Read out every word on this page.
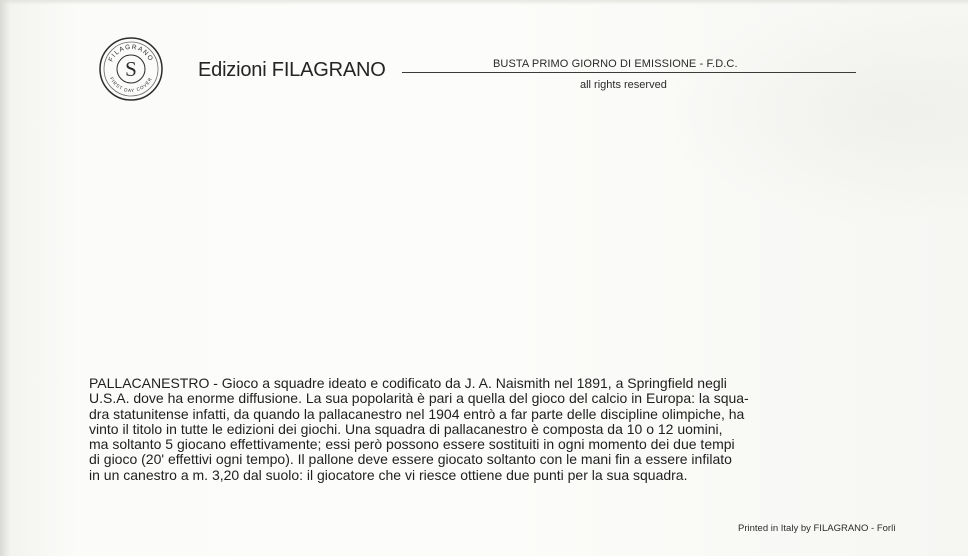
FILAGRANO
FIRST DAY COVER
S	Edizioni FILAGRANO	BUSTA PRIMO GIORNO DI EMISSIONE - F.D.C.
all rights reserved
PALLACANESTRO - Gioco a squadre ideato e codificato da J. A. Naismith nel 1891, a Springfield negli
U.S.A. dove ha enorme diffusione. La sua popolarità è pari a quella del gioco del calcio in Europa: la squa-
dra statunitense infatti, da quando la pallacanestro nel 1904 entrò a far parte delle discipline olimpiche, ha
vinto il titolo in tutte le edizioni dei giochi. Una squadra di pallacanestro è composta da 10 o 12 uomini,
ma soltanto 5 giocano effettivamente; essi però possono essere sostituiti in ogni momento dei due tempi
di gioco (20' effettivi ogni tempo). Il pallone deve essere giocato soltanto con le mani fin a essere infilato
in un canestro a m. 3,20 dal suolo: il giocatore che vi riesce ottiene due punti per la sua squadra.
Printed in Italy by FILAGRANO - Forlì
